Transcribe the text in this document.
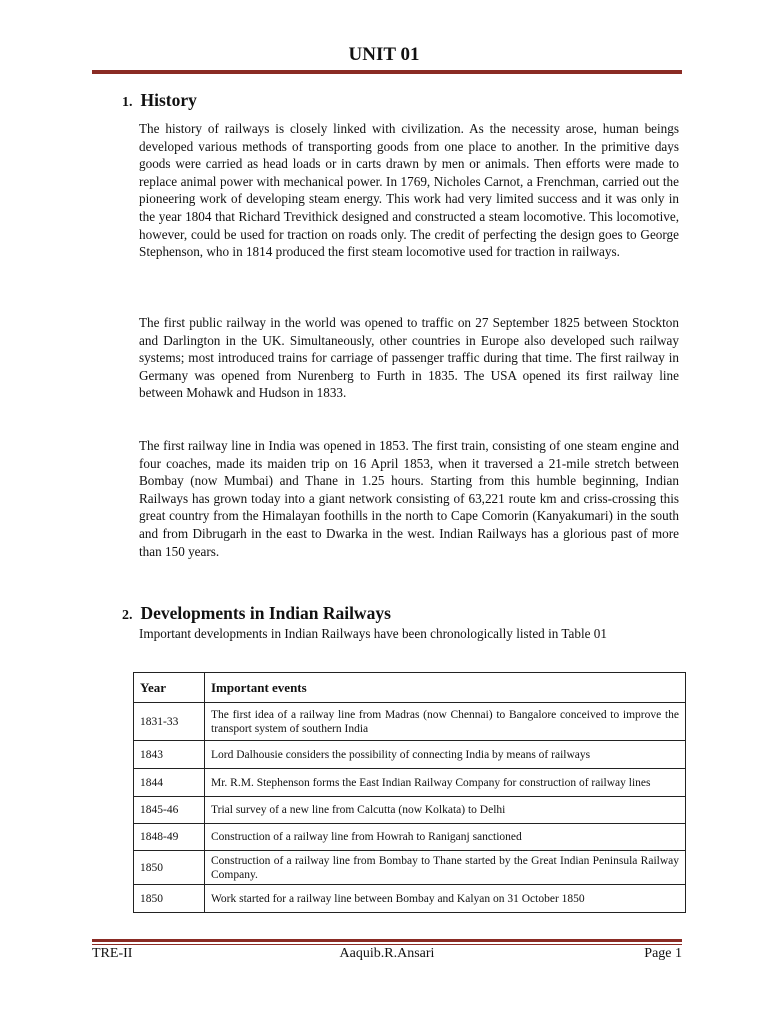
UNIT 01
1. History

The history of railways is closely linked with civilization. As the necessity arose, human beings developed various methods of transporting goods from one place to another. In the primitive days goods were carried as head loads or in carts drawn by men or animals. Then efforts were made to replace animal power with mechanical power. In 1769, Nicholes Carnot, a Frenchman, carried out the pioneering work of developing steam energy. This work had very limited success and it was only in the year 1804 that Richard Trevithick designed and constructed a steam locomotive. This locomotive, however, could be used for traction on roads only. The credit of perfecting the design goes to George Stephenson, who in 1814 produced the first steam locomotive used for traction in railways.

The first public railway in the world was opened to traffic on 27 September 1825 between Stockton and Darlington in the UK. Simultaneously, other countries in Europe also developed such railway systems; most introduced trains for carriage of passenger traffic during that time. The first railway in Germany was opened from Nurenberg to Furth in 1835. The USA opened its first railway line between Mohawk and Hudson in 1833.

The first railway line in India was opened in 1853. The first train, consisting of one steam engine and four coaches, made its maiden trip on 16 April 1853, when it traversed a 21-mile stretch between Bombay (now Mumbai) and Thane in 1.25 hours. Starting from this humble beginning, Indian Railways has grown today into a giant network consisting of 63,221 route km and criss-crossing this great country from the Himalayan foothills in the north to Cape Comorin (Kanyakumari) in the south and from Dibrugarh in the east to Dwarka in the west. Indian Railways has a glorious past of more than 150 years.

2. Developments in Indian Railways

Important developments in Indian Railways have been chronologically listed in Table 01

Year	Important events
1831-33	The first idea of a railway line from Madras (now Chennai) to Bangalore conceived to improve the transport system of southern India
1843	Lord Dalhousie considers the possibility of connecting India by means of railways
1844	Mr. R.M. Stephenson forms the East Indian Railway Company for construction of railway lines
1845-46	Trial survey of a new line from Calcutta (now Kolkata) to Delhi
1848-49	Construction of a railway line from Howrah to Raniganj sanctioned
1850	Construction of a railway line from Bombay to Thane started by the Great Indian Peninsula Railway Company.
1850	Work started for a railway line between Bombay and Kalyan on 31 October 1850
TRE-II	Aaquib.R.Ansari	Page 1
